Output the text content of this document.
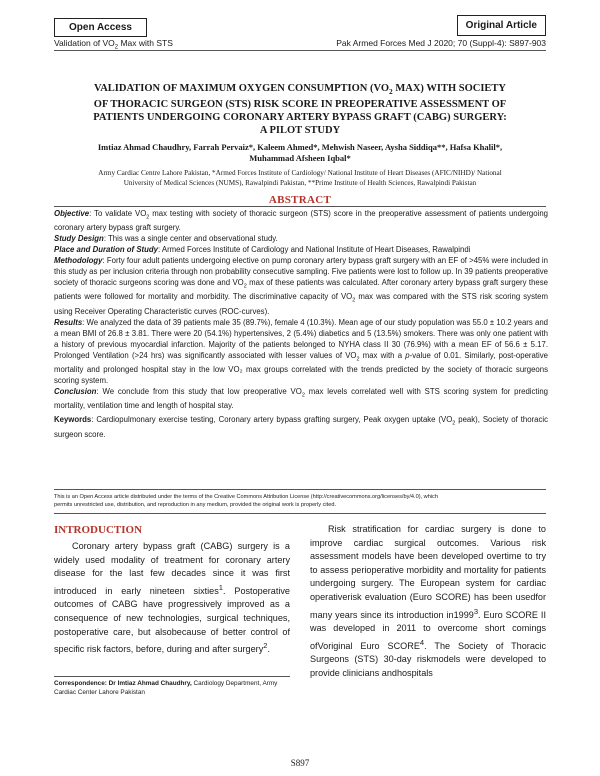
Open Access	Original Article
Validation of $VO_2$ Max with STS	Pak Armed Forces Med J 2020; 70 (Suppl-4): S897-903
VALIDATION OF MAXIMUM OXYGEN CONSUMPTION ($VO_2$ MAX) WITH SOCIETY
OF THORACIC SURGEON (STS) RISK SCORE IN PREOPERATIVE ASSESSMENT OF
PATIENTS UNDERGOING CORONARY ARTERY BYPASS GRAFT (CABG) SURGERY:
A PILOT STUDY
Imtiaz Ahmad Chaudhry, Farrah Pervaiz*, Kaleem Ahmed*, Mehwish Naseer, Aysha Siddiqa**, Hafsa Khalil*,
Muhammad Afsheen Iqbal*
Army Cardiac Centre Lahore Pakistan, *Armed Forces Institute of Cardiology/ National Institute of Heart Diseases (AFIC/NIHD)/ National
University of Medical Sciences (NUMS), Rawalpindi Pakistan, **Prime Institute of Health Sciences, Rawalpindi Pakistan
ABSTRACT

Objective: To validate $VO_2$ max testing with society of thoracic surgeon (STS) score in the preoperative assessment of patients undergoing coronary artery bypass graft surgery.

Study Design: This was a single center and observational study.

Place and Duration of Study: Armed Forces Institute of Cardiology and National Institute of Heart Diseases, Rawalpindi

Methodology: Forty four adult patients undergoing elective on pump coronary artery bypass graft surgery with an EF of >45% were included in this study as per inclusion criteria through non probability consecutive sampling. Five patients were lost to follow up. In 39 patients preoperative society of thoracic surgeons scoring was done and $VO_2$ max of these patients was calculated. After coronary artery bypass graft surgery these patients were followed for mortality and morbidity. The discriminative capacity of $VO_2$ max was compared with the STS risk scoring system using Receiver Operating Characteristic curves (ROC-curves).

Results: We analyzed the data of 39 patients male 35 (89.7%), female 4 (10.3%). Mean age of our study population was 55.0 ± 10.2 years and a mean BMI of 26.8 ± 3.81. There were 20 (54.1%) hypertensives, 2 (5.4%) diabetics and 5 (13.5%) smokers. There was only one patient with a history of previous myocardial infarction. Majority of the patients belonged to NYHA class II 30 (76.9%) with a mean EF of 56.6 ± 5.17. Prolonged Ventilation (>24 hrs) was significantly associated with lesser values of $VO_2$ max with a p-value of 0.01. Similarly, post-operative mortality and prolonged hospital stay in the low VO₂ max groups correlated with the trends predicted by the society of thoracic surgeons scoring system.

Conclusion: We conclude from this study that low preoperative $VO_2$ max levels correlated well with STS scoring system for predicting mortality, ventilation time and length of hospital stay.

Keywords: Cardiopulmonary exercise testing, Coronary artery bypass grafting surgery, Peak oxygen uptake ($VO_2$ peak), Society of thoracic surgeon score.

This is an Open Access article distributed under the terms of the Creative Commons Attribution License (http://creativecommons.org/licenses/by/4.0), which
permits unrestricted use, distribution, and reproduction in any medium, provided the original work is properly cited.
INTRODUCTION

Coronary artery bypass graft (CABG) surgery is a widely used modality of treatment for coronary artery disease for the last few decades since it was first introduced in early nineteen sixties$^1$. Postoperative outcomes of CABG have progressively improved as a consequence of new technologies, surgical techniques, postoperative care, but alsobecause of better control of specific risk factors, before, during and after surgery$^2$.

Risk stratification for cardiac surgery is done to improve cardiac surgical outcomes. Various risk assessment models have been developed overtime to try to assess perioperative morbidity and mortality for patients undergoing surgery. The European system for cardiac operativerisk evaluation (Euro SCORE) has been usedfor many years since its introduction in1999$^3$. Euro SCORE II was developed in 2011 to overcome short comings ofVoriginal Euro SCORE$^4$. The Society of Thoracic Surgeons (STS) 30-day riskmodels were developed to provide clinicians andhospitals

Correspondence: Dr Imtiaz Ahmad Chaudhry, Cardiology Department, Army Cardiac Center Lahore Pakistan
S897
